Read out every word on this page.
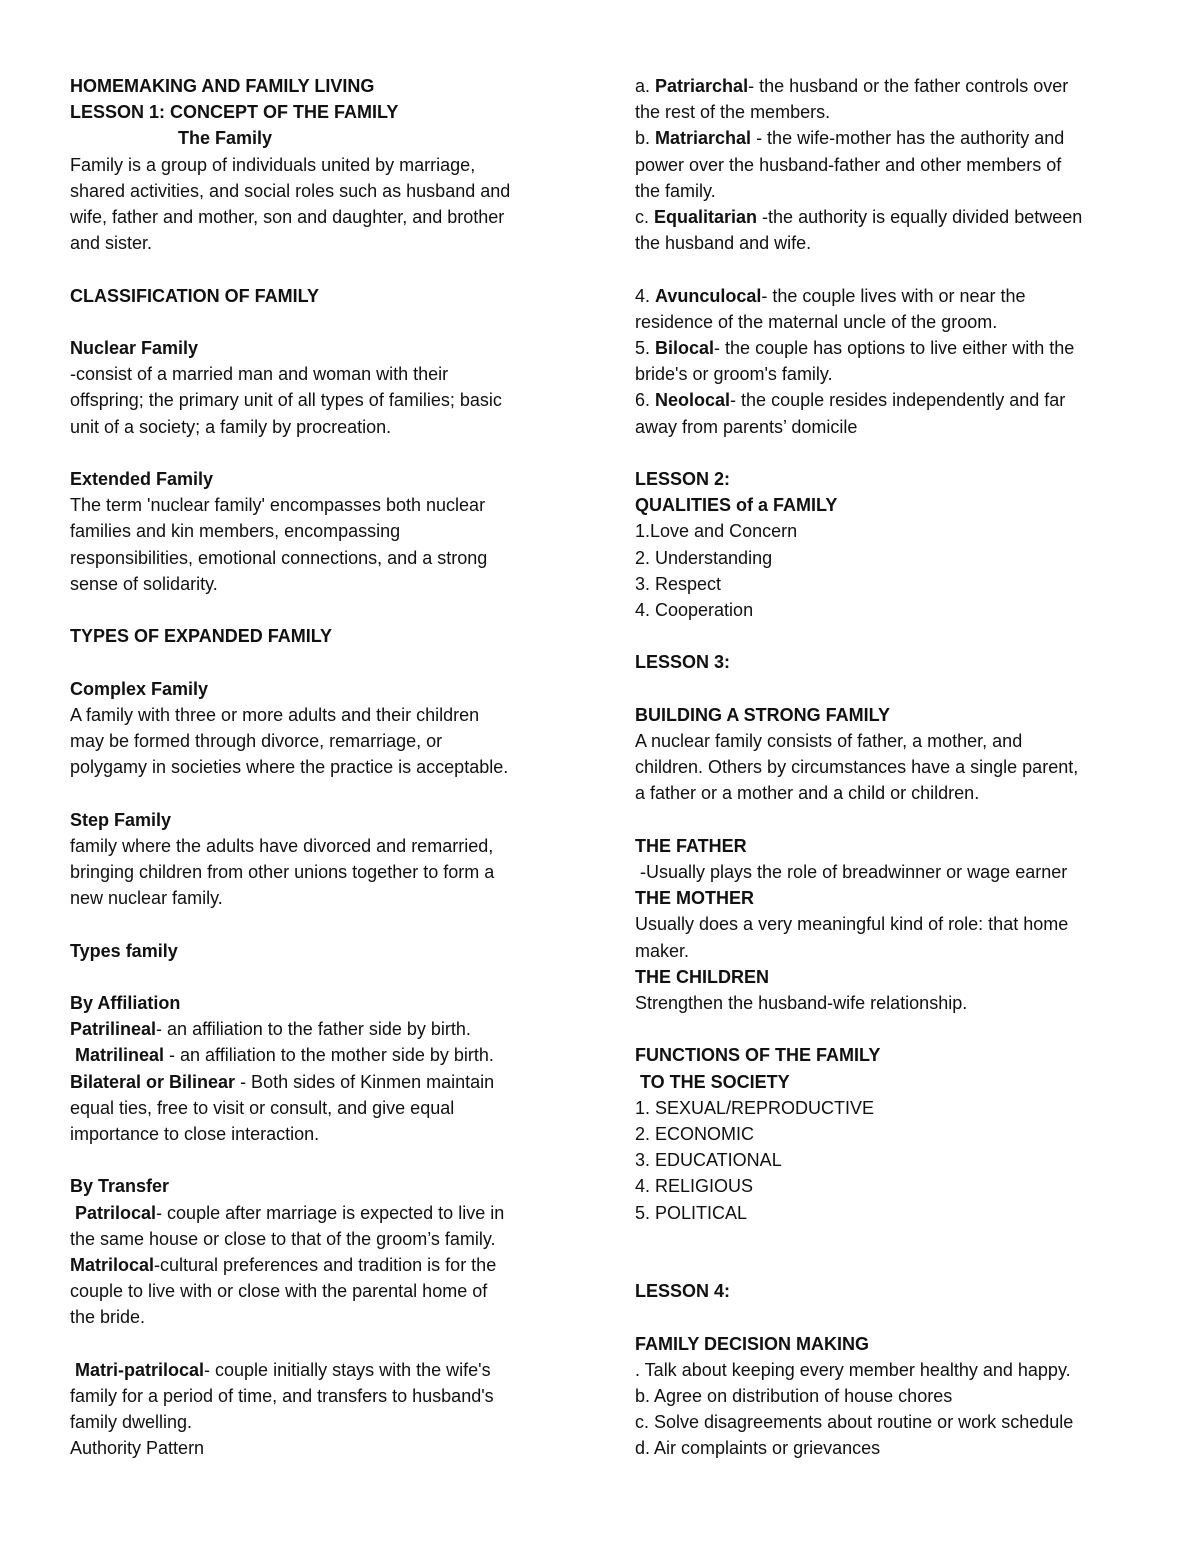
HOMEMAKING AND FAMILY LIVING
LESSON 1: CONCEPT OF THE FAMILY
The Family
Family is a group of individuals united by marriage,
shared activities, and social roles such as husband and
wife, father and mother, son and daughter, and brother
and sister.
CLASSIFICATION OF FAMILY
Nuclear Family
-consist of a married man and woman with their
offspring; the primary unit of all types of families; basic
unit of a society; a family by procreation.
Extended Family
The term 'nuclear family' encompasses both nuclear
families and kin members, encompassing
responsibilities, emotional connections, and a strong
sense of solidarity.
TYPES OF EXPANDED FAMILY
Complex Family
A family with three or more adults and their children
may be formed through divorce, remarriage, or
polygamy in societies where the practice is acceptable.
Step Family
family where the adults have divorced and remarried,
bringing children from other unions together to form a
new nuclear family.
Types family
By Affiliation
Patrilineal- an affiliation to the father side by birth.
Matrilineal - an affiliation to the mother side by birth.
Bilateral or Bilinear - Both sides of Kinmen maintain
equal ties, free to visit or consult, and give equal
importance to close interaction.
By Transfer
Patrilocal- couple after marriage is expected to live in
the same house or close to that of the groom’s family.
Matrilocal-cultural preferences and tradition is for the
couple to live with or close with the parental home of
the bride.
Matri-patrilocal- couple initially stays with the wife's
family for a period of time, and transfers to husband's
family dwelling.
Authority Pattern
a. Patriarchal- the husband or the father controls over
the rest of the members.
b. Matriarchal - the wife-mother has the authority and
power over the husband-father and other members of
the family.
c. Equalitarian -the authority is equally divided between
the husband and wife.
4. Avunculocal- the couple lives with or near the
residence of the maternal uncle of the groom.
5. Bilocal- the couple has options to live either with the
bride's or groom's family.
6. Neolocal- the couple resides independently and far
away from parents’ domicile
LESSON 2:
QUALITIES of a FAMILY
1.Love and Concern
2. Understanding
3. Respect
4. Cooperation
LESSON 3:
BUILDING A STRONG FAMILY
A nuclear family consists of father, a mother, and
children. Others by circumstances have a single parent,
a father or a mother and a child or children.
THE FATHER
-Usually plays the role of breadwinner or wage earner
THE MOTHER
Usually does a very meaningful kind of role: that home
maker.
THE CHILDREN
Strengthen the husband-wife relationship.
FUNCTIONS OF THE FAMILY
TO THE SOCIETY
1. SEXUAL/REPRODUCTIVE
2. ECONOMIC
3. EDUCATIONAL
4. RELIGIOUS
5. POLITICAL
LESSON 4:
FAMILY DECISION MAKING
. Talk about keeping every member healthy and happy.
b. Agree on distribution of house chores
c. Solve disagreements about routine or work schedule
d. Air complaints or grievances
